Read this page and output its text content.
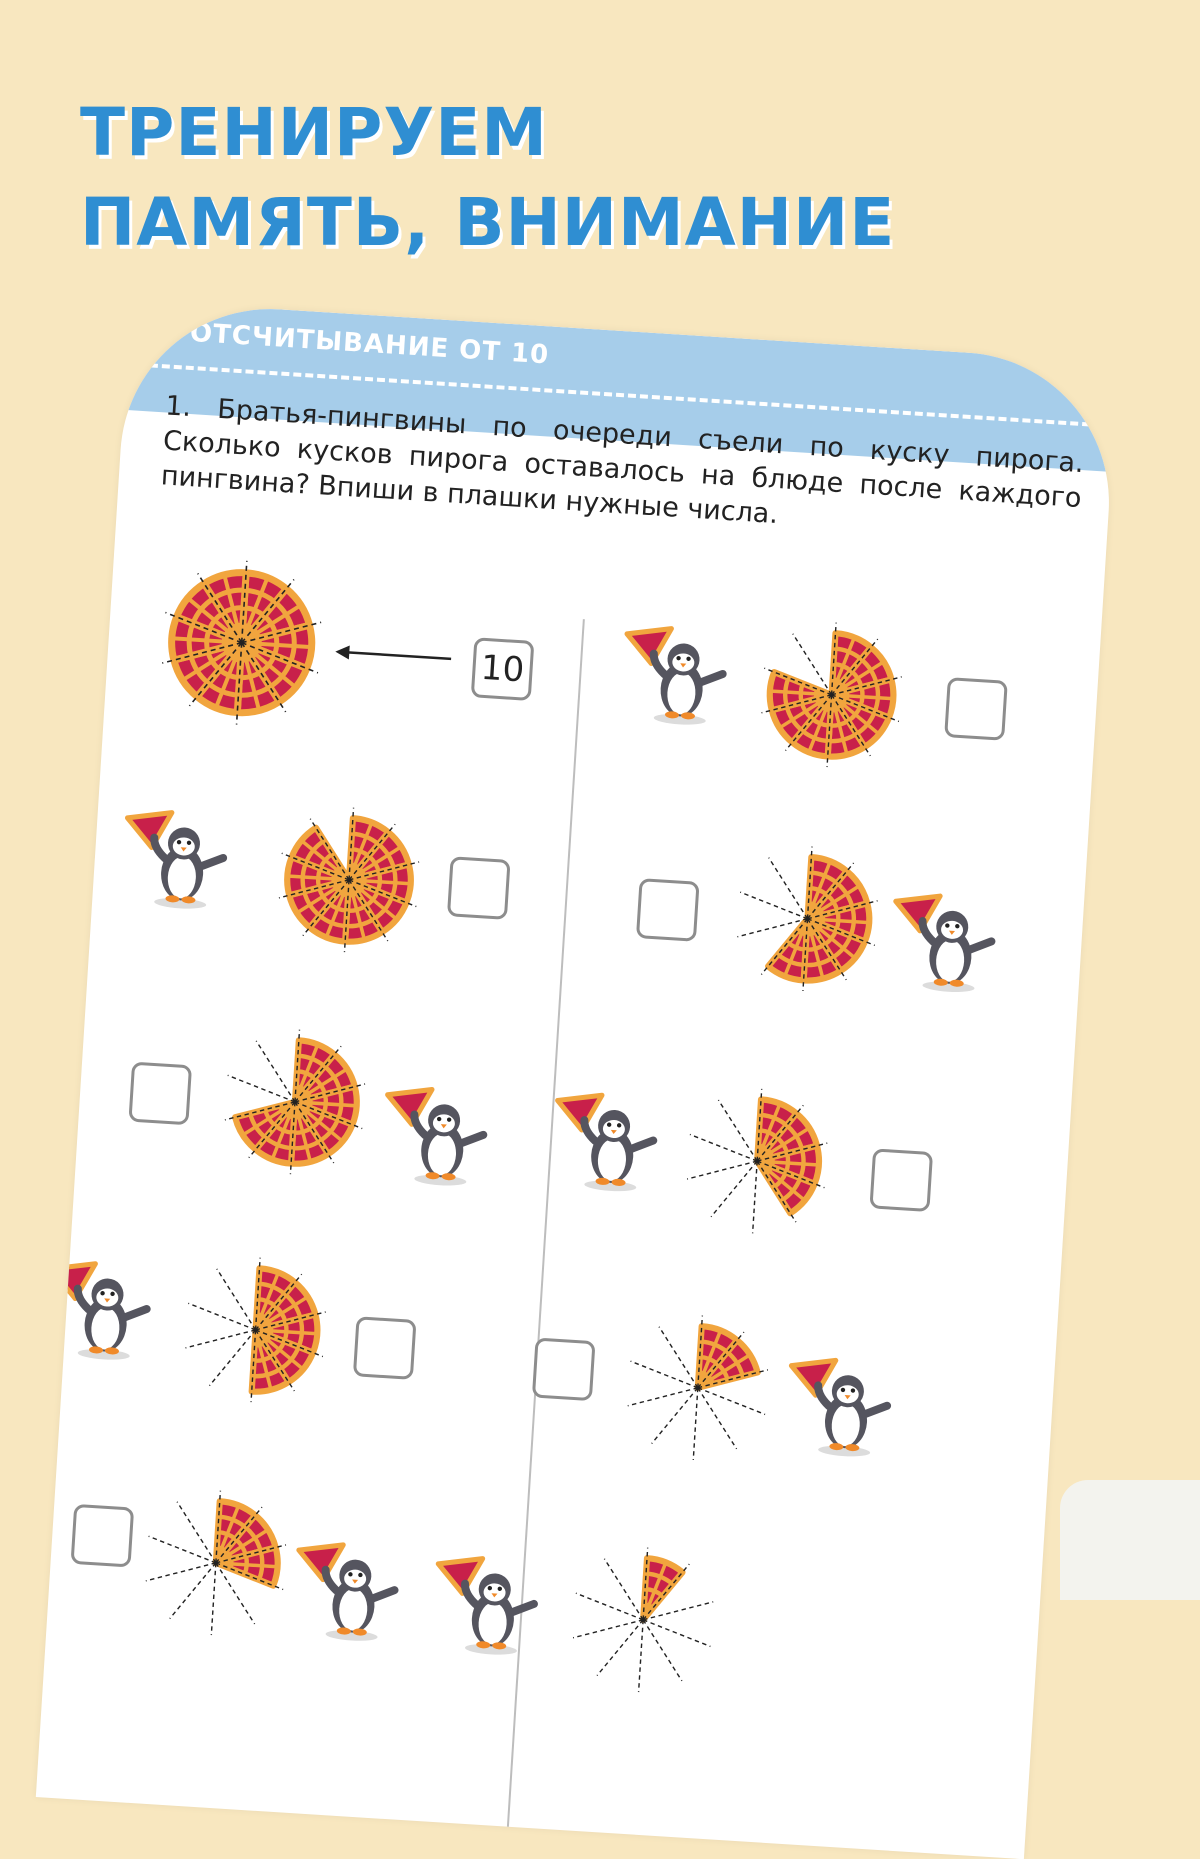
ТРЕНИРУЕМ
ПАМЯТЬ, ВНИМАНИЕ
ОТСЧИТЫВАНИЕ ОТ 10

1. Братья-пингвины по очереди съели по куску пирога. Сколько кусков пирога оставалось на блюде после каждого пингвина? Впиши в плашки нужные числа.

10
